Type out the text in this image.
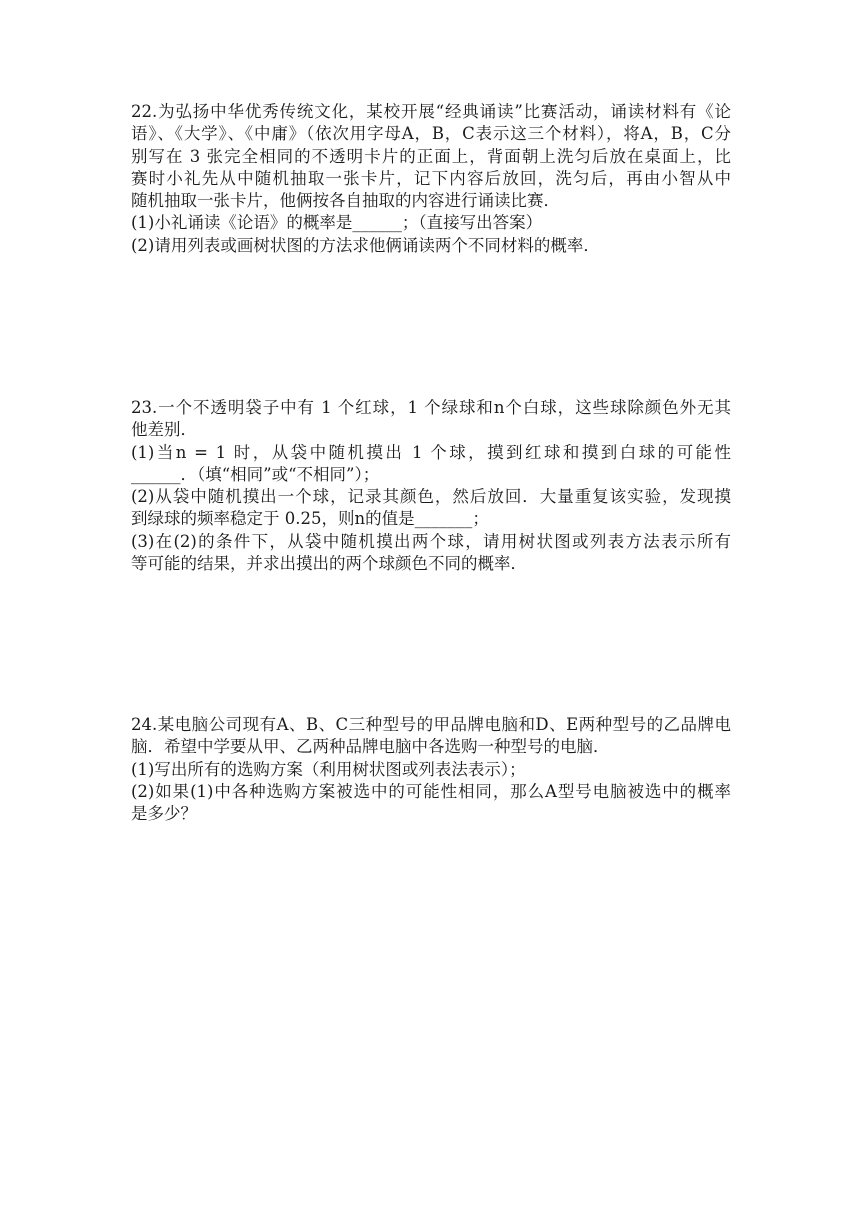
22.为弘扬中华优秀传统文化，某校开展“经典诵读”比赛活动，诵读材料有《论
语》、《大学》、《中庸》（依次用字母A，B，C表示这三个材料），将A，B，C分
别写在 3 张完全相同的不透明卡片的正面上，背面朝上洗匀后放在桌面上，比
赛时小礼先从中随机抽取一张卡片，记下内容后放回，洗匀后，再由小智从中
随机抽取一张卡片，他俩按各自抽取的内容进行诵读比赛．
(1)小礼诵读《论语》的概率是______；（直接写出答案）
(2)请用列表或画树状图的方法求他俩诵读两个不同材料的概率．
23.一个不透明袋子中有 1 个红球，1 个绿球和n个白球，这些球除颜色外无其
他差别．
(1)当n = 1 时，从袋中随机摸出 1 个球，摸到红球和摸到白球的可能性
______．（填“相同”或“不相同”）；
(2)从袋中随机摸出一个球，记录其颜色，然后放回．大量重复该实验，发现摸
到绿球的频率稳定于 0.25，则n的值是_______；
(3)在(2)的条件下，从袋中随机摸出两个球，请用树状图或列表方法表示所有
等可能的结果，并求出摸出的两个球颜色不同的概率．
24.某电脑公司现有A、B、C三种型号的甲品牌电脑和D、E两种型号的乙品牌电
脑．希望中学要从甲、乙两种品牌电脑中各选购一种型号的电脑．
(1)写出所有的选购方案（利用树状图或列表法表示）；
(2)如果(1)中各种选购方案被选中的可能性相同，那么A型号电脑被选中的概率
是多少？
